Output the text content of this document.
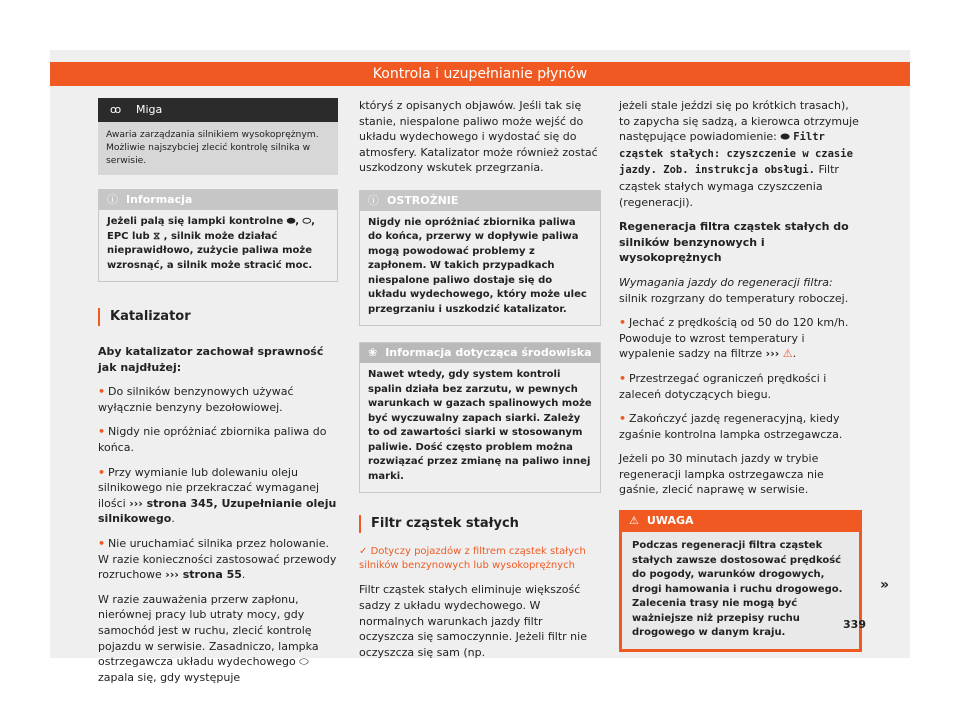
Kontrola i uzupełnianie płynów
ꝏ	Miga
Awaria zarządzania silnikiem wysokoprężnym. Możliwie najszybciej zlecić kontrolę silnika w serwisie.
ⓘ Informacja
Jeżeli palą się lampki kontrolne ⬬, ⬭, EPC lub ⧖ , silnik może działać nieprawidłowo, zużycie paliwa może wzrosnąć, a silnik może stracić moc.
Katalizator

Aby katalizator zachował sprawność jak najdłużej:

• Do silników benzynowych używać wyłącznie benzyny bezołowiowej.

• Nigdy nie opróżniać zbiornika paliwa do końca.

• Przy wymianie lub dolewaniu oleju silnikowego nie przekraczać wymaganej ilości ››› strona 345, Uzupełnianie oleju silnikowego.

• Nie uruchamiać silnika przez holowanie. W razie konieczności zastosować przewody rozruchowe ››› strona 55.

W razie zauważenia przerw zapłonu, nierównej pracy lub utraty mocy, gdy samochód jest w ruchu, zlecić kontrolę pojazdu w serwisie. Zasadniczo, lampka ostrzegawcza układu wydechowego ⬭ zapala się, gdy występuje

któryś z opisanych objawów. Jeśli tak się stanie, niespalone paliwo może wejść do układu wydechowego i wydostać się do atmosfery. Katalizator może również zostać uszkodzony wskutek przegrzania.

ⓘ OSTROŻNIE
Nigdy nie opróżniać zbiornika paliwa do końca, przerwy w dopływie paliwa mogą powodować problemy z zapłonem. W takich przypadkach niespalone paliwo dostaje się do układu wydechowego, który może ulec przegrzaniu i uszkodzić katalizator.
❀ Informacja dotycząca środowiska
Nawet wtedy, gdy system kontroli spalin działa bez zarzutu, w pewnych warunkach w gazach spalinowych może być wyczuwalny zapach siarki. Zależy to od zawartości siarki w stosowanym paliwie. Dość często problem można rozwiązać przez zmianę na paliwo innej marki.
Filtr cząstek stałych

✓ Dotyczy pojazdów z filtrem cząstek stałych silników benzynowych lub wysokoprężnych

Filtr cząstek stałych eliminuje większość sadzy z układu wydechowego. W normalnych warunkach jazdy filtr oczyszcza się samoczynnie. Jeżeli filtr nie oczyszcza się sam (np.

jeżeli stale jeździ się po krótkich trasach), to zapycha się sadzą, a kierowca otrzymuje następujące powiadomienie: ⬬ Filtr cząstek stałych: czyszczenie w czasie jazdy. Zob. instrukcja obsługi. Filtr cząstek stałych wymaga czyszczenia (regeneracji).

Regeneracja filtra cząstek stałych do silników benzynowych i wysokoprężnych

Wymagania jazdy do regeneracji filtra: silnik rozgrzany do temperatury roboczej.

• Jechać z prędkością od 50 do 120 km/h. Powoduje to wzrost temperatury i wypalenie sadzy na filtrze ››› ⚠.

• Przestrzegać ograniczeń prędkości i zaleceń dotyczących biegu.

• Zakończyć jazdę regeneracyjną, kiedy zgaśnie kontrolna lampka ostrzegawcza.

Jeżeli po 30 minutach jazdy w trybie regeneracji lampka ostrzegawcza nie gaśnie, zlecić naprawę w serwisie.

⚠ UWAGA
Podczas regeneracji filtra cząstek stałych zawsze dostosować prędkość do pogody, warunków drogowych, drogi hamowania i ruchu drogowego. Zalecenia trasy nie mogą być ważniejsze niż przepisy ruchu drogowego w danym kraju.
»
339
